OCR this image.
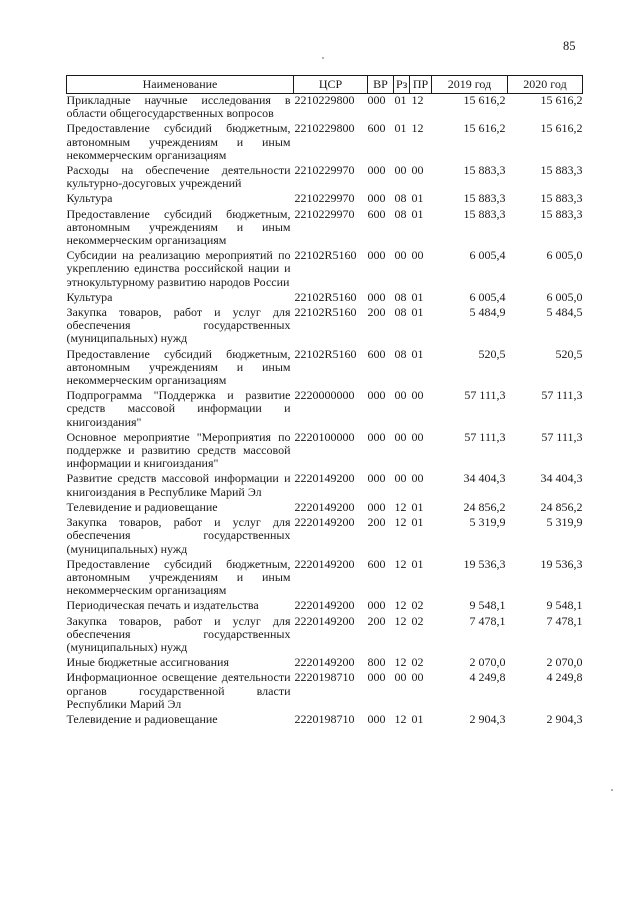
85
Наименование	ЦСР	ВР	Рз	ПР	2019 год	2020 год
Прикладные научные исследования в области общегосударственных вопросов	2210229800	000	01	12	15 616,2	15 616,2
Предоставление субсидий бюджетным, автономным учреждениям и иным некоммерческим организациям	2210229800	600	01	12	15 616,2	15 616,2
Расходы на обеспечение деятельности культурно-досуговых учреждений	2210229970	000	00	00	15 883,3	15 883,3
Культура	2210229970	000	08	01	15 883,3	15 883,3
Предоставление субсидий бюджетным, автономным учреждениям и иным некоммерческим организациям	2210229970	600	08	01	15 883,3	15 883,3
Субсидии на реализацию мероприятий по укреплению единства российской нации и этнокультурному развитию народов России	22102R5160	000	00	00	6 005,4	6 005,0
Культура	22102R5160	000	08	01	6 005,4	6 005,0
Закупка товаров, работ и услуг для обеспечения государственных (муниципальных) нужд	22102R5160	200	08	01	5 484,9	5 484,5
Предоставление субсидий бюджетным, автономным учреждениям и иным некоммерческим организациям	22102R5160	600	08	01	520,5	520,5
Подпрограмма "Поддержка и развитие средств массовой информации и книгоиздания"	2220000000	000	00	00	57 111,3	57 111,3
Основное мероприятие "Мероприятия по поддержке и развитию средств массовой информации и книгоиздания"	2220100000	000	00	00	57 111,3	57 111,3
Развитие средств массовой информации и книгоиздания в Республике Марий Эл	2220149200	000	00	00	34 404,3	34 404,3
Телевидение и радиовещание	2220149200	000	12	01	24 856,2	24 856,2
Закупка товаров, работ и услуг для обеспечения государственных (муниципальных) нужд	2220149200	200	12	01	5 319,9	5 319,9
Предоставление субсидий бюджетным, автономным учреждениям и иным некоммерческим организациям	2220149200	600	12	01	19 536,3	19 536,3
Периодическая печать и издательства	2220149200	000	12	02	9 548,1	9 548,1
Закупка товаров, работ и услуг для обеспечения государственных (муниципальных) нужд	2220149200	200	12	02	7 478,1	7 478,1
Иные бюджетные ассигнования	2220149200	800	12	02	2 070,0	2 070,0
Информационное освещение деятельности органов государственной власти Республики Марий Эл	2220198710	000	00	00	4 249,8	4 249,8
Телевидение и радиовещание	2220198710	000	12	01	2 904,3	2 904,3
